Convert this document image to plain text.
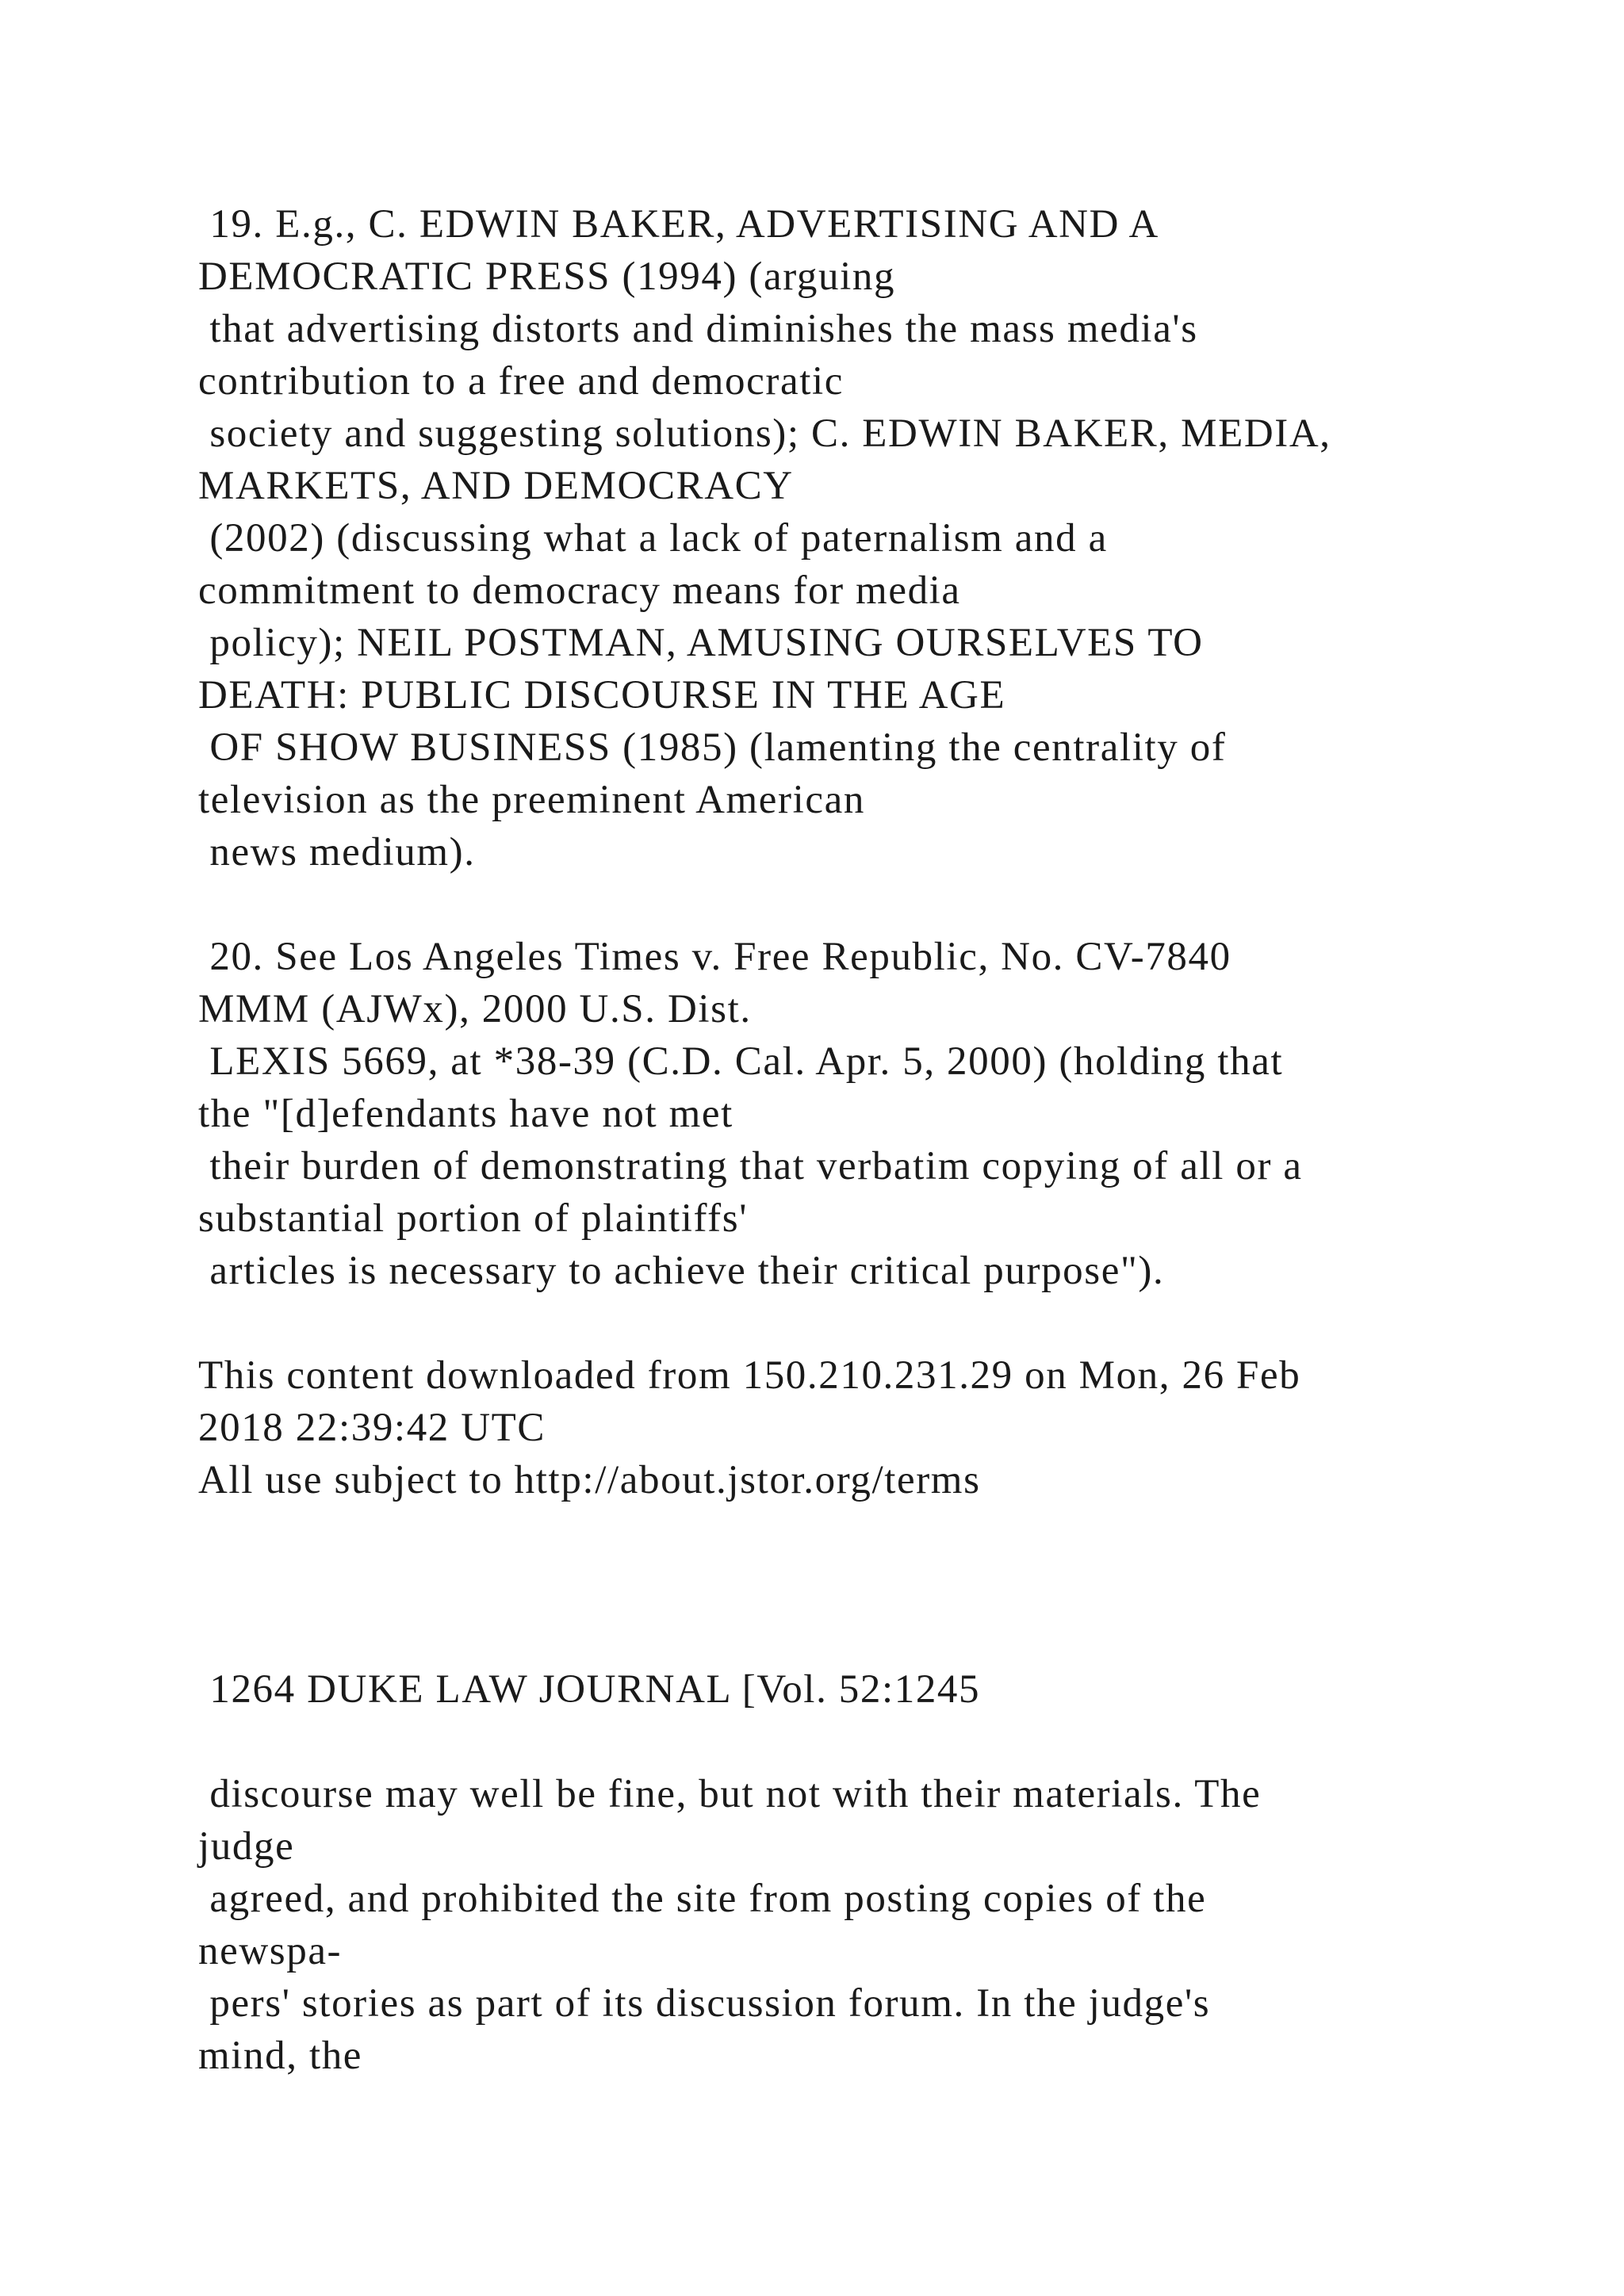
19. E.g., C. EDWIN BAKER, ADVERTISING AND A
DEMOCRATIC PRESS (1994) (arguing
that advertising distorts and diminishes the mass media's
contribution to a free and democratic
society and suggesting solutions); C. EDWIN BAKER, MEDIA,
MARKETS, AND DEMOCRACY
(2002) (discussing what a lack of paternalism and a
commitment to democracy means for media
policy); NEIL POSTMAN, AMUSING OURSELVES TO
DEATH: PUBLIC DISCOURSE IN THE AGE
OF SHOW BUSINESS (1985) (lamenting the centrality of
television as the preeminent American
news medium).
20. See Los Angeles Times v. Free Republic, No. CV-7840
MMM (AJWx), 2000 U.S. Dist.
LEXIS 5669, at *38-39 (C.D. Cal. Apr. 5, 2000) (holding that
the "[d]efendants have not met
their burden of demonstrating that verbatim copying of all or a
substantial portion of plaintiffs'
articles is necessary to achieve their critical purpose").
This content downloaded from 150.210.231.29 on Mon, 26 Feb
2018 22:39:42 UTC
All use subject to http://about.jstor.org/terms
1264 DUKE LAW JOURNAL [Vol. 52:1245
discourse may well be fine, but not with their materials. The
judge
agreed, and prohibited the site from posting copies of the
newspa-
pers' stories as part of its discussion forum. In the judge's
mind, the
